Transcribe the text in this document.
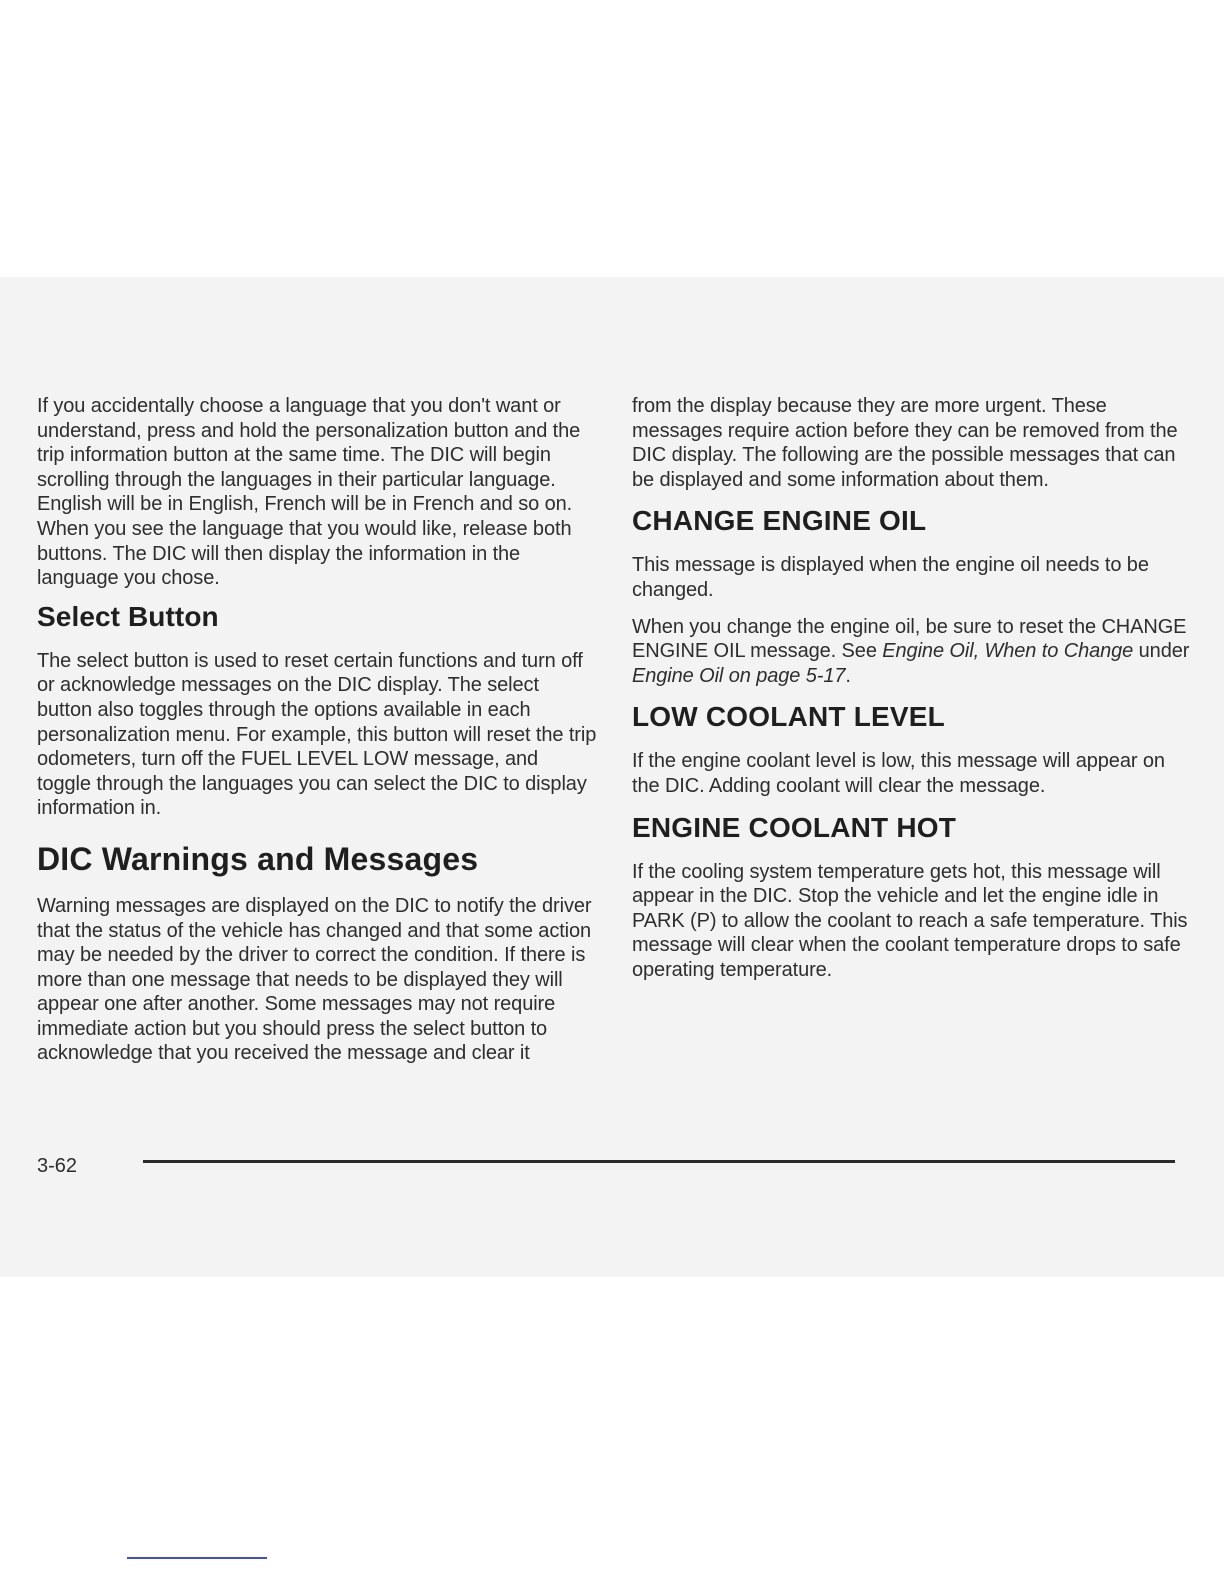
If you accidentally choose a language that you don't want or understand, press and hold the personalization button and the trip information button at the same time. The DIC will begin scrolling through the languages in their particular language. English will be in English, French will be in French and so on. When you see the language that you would like, release both buttons. The DIC will then display the information in the language you chose.

Select Button

The select button is used to reset certain functions and turn off or acknowledge messages on the DIC display. The select button also toggles through the options available in each personalization menu. For example, this button will reset the trip odometers, turn off the FUEL LEVEL LOW message, and toggle through the languages you can select the DIC to display information in.

DIC Warnings and Messages

Warning messages are displayed on the DIC to notify the driver that the status of the vehicle has changed and that some action may be needed by the driver to correct the condition. If there is more than one message that needs to be displayed they will appear one after another. Some messages may not require immediate action but you should press the select button to acknowledge that you received the message and clear it

from the display because they are more urgent. These messages require action before they can be removed from the DIC display. The following are the possible messages that can be displayed and some information about them.

CHANGE ENGINE OIL

This message is displayed when the engine oil needs to be changed.

When you change the engine oil, be sure to reset the CHANGE ENGINE OIL message. See Engine Oil, When to Change under Engine Oil on page 5-17.

LOW COOLANT LEVEL

If the engine coolant level is low, this message will appear on the DIC. Adding coolant will clear the message.

ENGINE COOLANT HOT

If the cooling system temperature gets hot, this message will appear in the DIC. Stop the vehicle and let the engine idle in PARK (P) to allow the coolant to reach a safe temperature. This message will clear when the coolant temperature drops to safe operating temperature.

3-62
